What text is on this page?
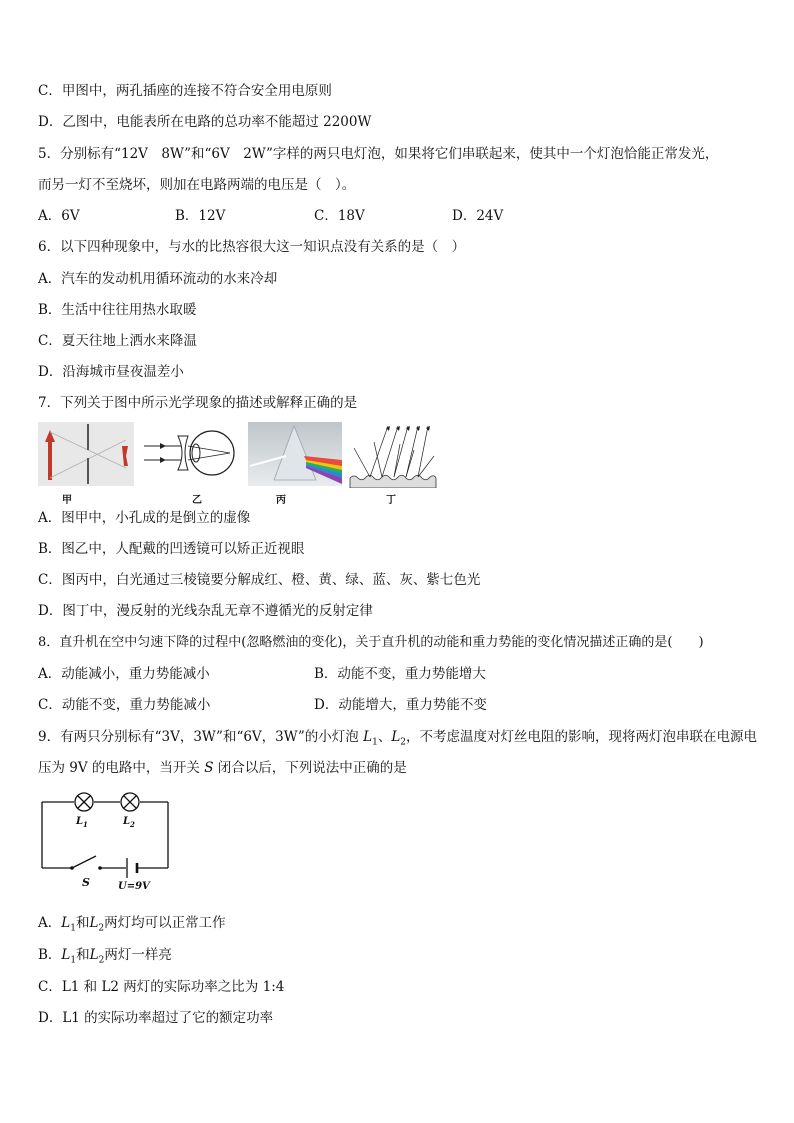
C．甲图中，两孔插座的连接不符合安全用电原则
D．乙图中，电能表所在电路的总功率不能超过 2200W
5．分别标有“12V　8W”和“6V　2W”字样的两只电灯泡，如果将它们串联起来，使其中一个灯泡恰能正常发光，
而另一灯不至烧坏，则加在电路两端的电压是（　）。
A．6V	B．12V	C．18V	D．24V
6．以下四种现象中，与水的比热容很大这一知识点没有关系的是（　）
A．汽车的发动机用循环流动的水来冷却
B．生活中往往用热水取暖
C．夏天往地上洒水来降温
D．沿海城市昼夜温差小
7．下列关于图中所示光学现象的描述或解释正确的是
甲	乙	丙	丁
A．图甲中，小孔成的是倒立的虚像
B．图乙中，人配戴的凹透镜可以矫正近视眼
C．图丙中，白光通过三棱镜要分解成红、橙、黄、绿、蓝、灰、紫七色光
D．图丁中，漫反射的光线杂乱无章不遵循光的反射定律
8．直升机在空中匀速下降的过程中(忽略燃油的变化)，关于直升机的动能和重力势能的变化情况描述正确的是(　　)
A．动能减小，重力势能减小	B．动能不变，重力势能增大
C．动能不变，重力势能减小	D．动能增大，重力势能不变
9．有两只分别标有“3V，3W”和“6V，3W”的小灯泡 $L_1$、$L_2$，不考虑温度对灯丝电阻的影响，现将两灯泡串联在电源电
压为 9V 的电路中，当开关 S 闭合以后，下列说法中正确的是
$L_1$	$L_2$
S	U=9V
A．$L_1$和$L_2$两灯均可以正常工作
B．$L_1$和$L_2$两灯一样亮
C．L1 和 L2 两灯的实际功率之比为 1:4
D．L1 的实际功率超过了它的额定功率
